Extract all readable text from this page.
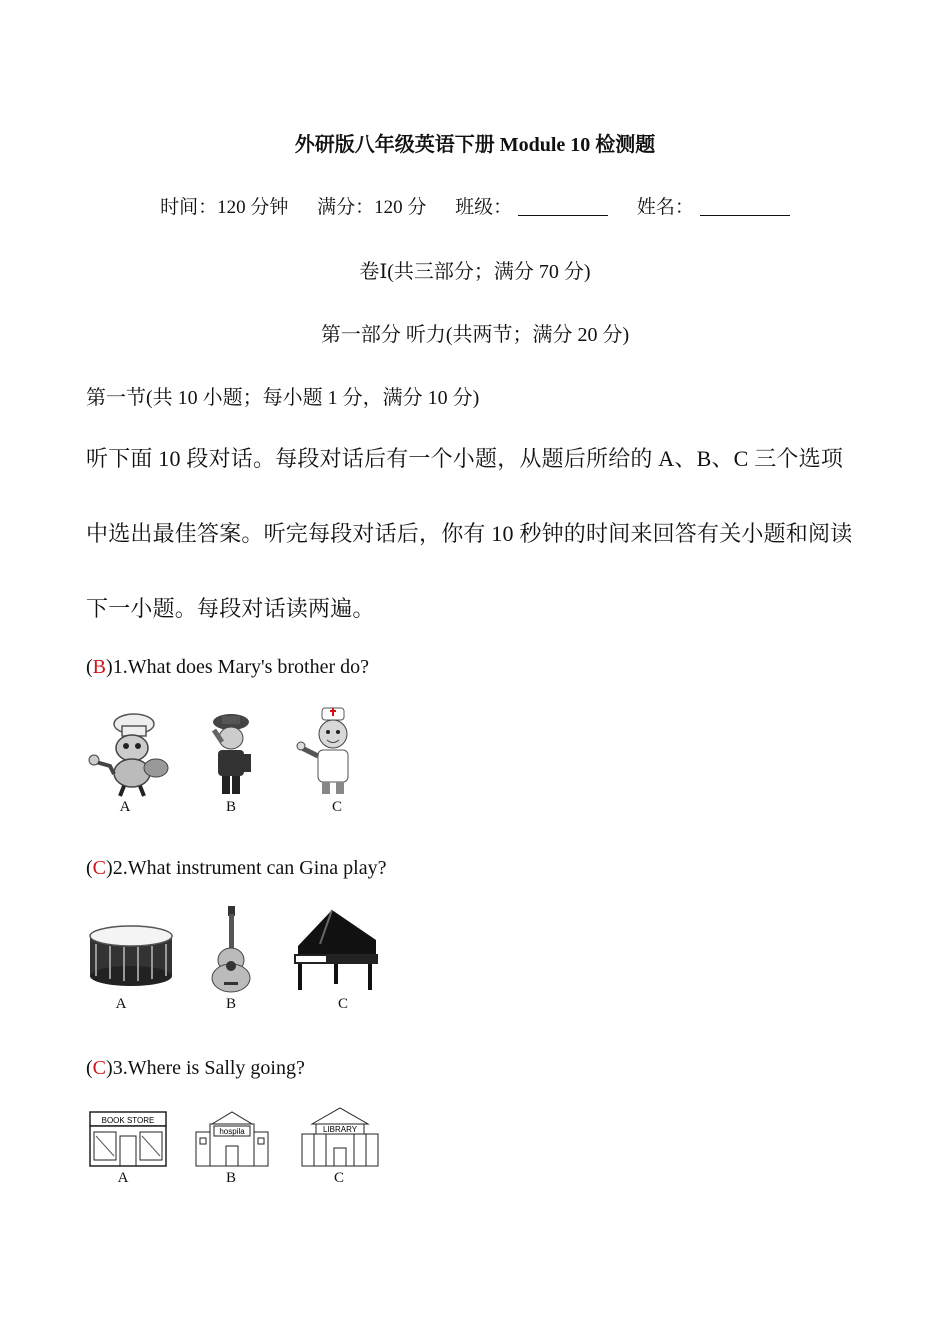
外研版八年级英语下册 Module 10 检测题
时间：120 分钟 满分：120 分 班级：	姓名：
卷Ⅰ(共三部分；满分 70 分)
第一部分 听力(共两节；满分 20 分)
第一节(共 10 小题；每小题 1 分，满分 10 分)
听下面 10 段对话。每段对话后有一个小题，从题后所给的 A、B、C 三个选项
中选出最佳答案。听完每段对话后，你有 10 秒钟的时间来回答有关小题和阅读
下一小题。每段对话读两遍。
(B)1.What does Mary's brother do?
A	B	C
(C)2.What instrument can Gina play?
A	B	C
(C)3.Where is Sally going?
BOOK STORE
hospila	LIBRARY
A	B	C
